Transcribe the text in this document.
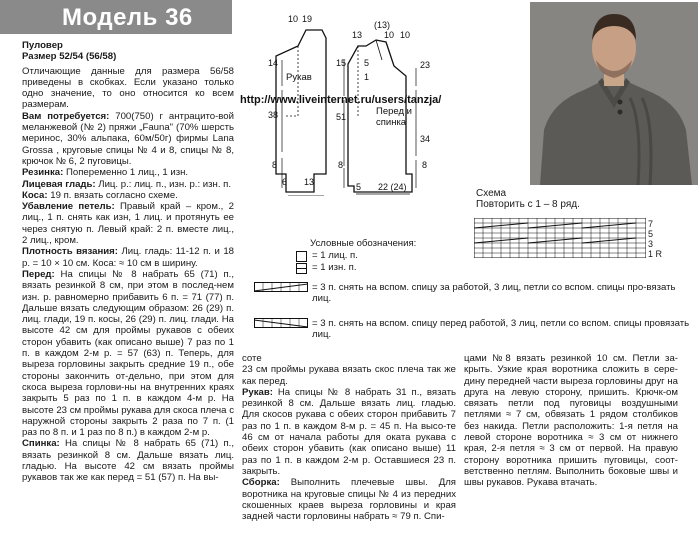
Модель 36

Пуловер

Размер 52/54 (56/58)

Отличающие данные для размера 56/58 приведены в скобках. Если указано только одно значение, то оно относится ко всем размерам.

Вам потребуется: 700(750) г антрацито-вой меланжевой (№ 2) пряжи „Fauna" (70% шерсть меринос, 30% альпака, 60м/50г) фирмы Lana Grossa , круговые спицы № 4 и 8, спицы № 8, крючок № 6, 2 пуговицы.

Резинка: Попеременно 1 лиц., 1 изн.

Лицевая гладь: Лиц. р.: лиц. п., изн. р.: изн. п.

Коса: 19 п. вязать согласно схеме.

Убавление петель: Правый край – кром., 2 лиц., 1 п. снять как изн, 1 лиц. и протянуть ее через снятую п. Левый край: 2 п. вместе лиц., 2 лиц., кром.

Плотность вязания: Лиц. гладь: 11-12 п. и 18 р. = 10 × 10 см. Коса: ≈ 10 см в ширину.

Перед: На спицы № 8 набрать 65 (71) п., вязать резинкой 8 см, при этом в послед-нем изн. р. равномерно прибавить 6 п. = 71 (77) п. Дальше вязать следующим образом: 26 (29) п. лиц. глади, 19 п. косы, 26 (29) п. лиц. глади. На высоте 42 см для проймы рукавов с обеих сторон убавить (как описано выше) 7 раз по 1 п. в каждом 2-м р. = 57 (63) п. Теперь, для выреза горловины закрыть средние 19 п., обе стороны закончить от-дельно, при этом для скоса выреза горлови-ны на внутренних краях закрыть 5 раз по 1 п. в каждом 4-м р. На высоте 23 см проймы рукава для скоса плеча с наружной стороны закрыть 2 раза по 7 п. (1 раз по 8 п. и 1 раз по 8 п.) в каждом 2-м р.

Спинка: На спицы № 8 набрать 65 (71) п., вязать резинкой 8 см. Дальше вязать лиц. гладью. На высоте 42 см вязать проймы рукавов так же как перед = 51 (57) п. На вы-

10 19
14
38
8
6 13
Рукав
(13)
13 10 10
15
51
8
23
34
8
5 22 (24)
5
1
Перед и спинка
http://www.liveinternet.ru/users/tanzja/
Схема
Повторить с 1 – 8 ряд.
7
5
3
1 R
Условные обозначения:
= 1 лиц. п.
= 1 изн. п.
= 3 п. снять на вспом. спицу за работой, 3 лиц, петли со вспом. спицы про-вязать лиц.
= 3 п. снять на вспом. спицу перед работой, 3 лиц, петли со вспом. спицы провязать лиц.

соте

23 см проймы рукава вязать скос плеча так же как перед.

Рукав: На спицы № 8 набрать 31 п., вязать резинкой 8 см. Дальше вязать лиц. гладью. Для скосов рукава с обеих сторон прибавить 7 раз по 1 п. в каждом 8-м р. = 45 п. На высо-те 46 см от начала работы для оката рукава с обеих сторон убавить (как описано выше) 11 раз по 1 п. в каждом 2-м р. Оставшиеся 23 п. закрыть.

Сборка: Выполнить плечевые швы. Для воротника на круговые спицы № 4 из передних скошенных краев выреза горловины и края задней части горловины набрать ≈ 79 п. Спи-

цами №8 вязать резинкой 10 см. Петли за-крыть. Узкие края воротника сложить в сере-дину передней части выреза горловины друг на друга на левую сторону, пришить. Крючк-ом связать петли под пуговицы воздушными петлями ≈ 7 см, обвязать 1 рядом столбиков без накида. Петли расположить: 1-я петля на левой стороне воротника ≈ 3 см от нижнего края, 2-я петля ≈ 3 см от первой. На правую сторону воротника пришить пуговицы, соот-ветственно петлям. Выполнить боковые швы и швы рукавов. Рукава втачать.
